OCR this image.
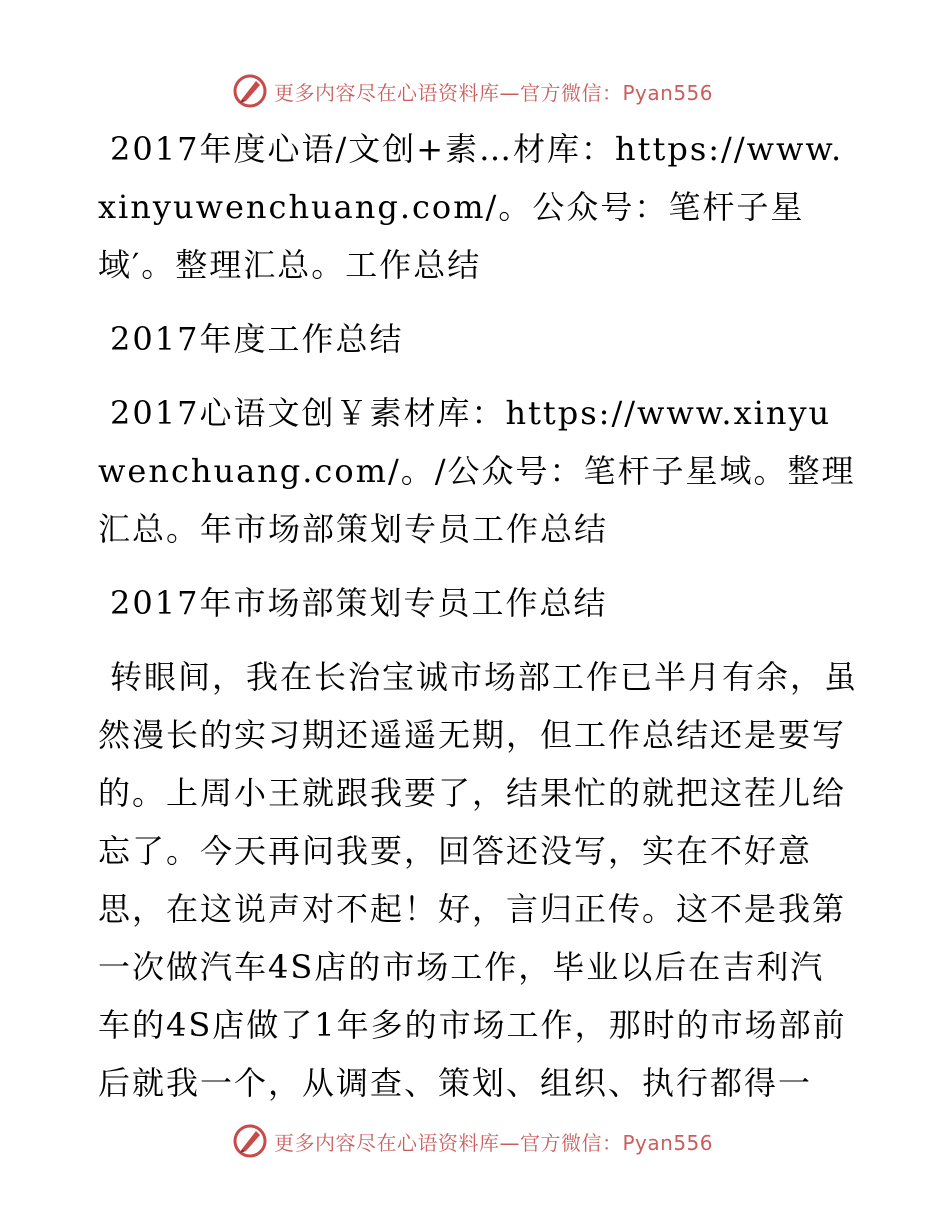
更多内容尽在心语资料库—官方微信：Pyan556

2017年度心语/文创+素…材库：https://www.xinyuwenchuang.com/。公众号：笔杆子星域′。整理汇总。工作总结

2017年度工作总结

2017心语文创￥素材库：https://www.xinyuwenchuang.com/。/公众号：笔杆子星域。整理汇总。年市场部策划专员工作总结

2017年市场部策划专员工作总结

转眼间，我在长治宝诚市场部工作已半月有余，虽然漫长的实习期还遥遥无期，但工作总结还是要写的。上周小王就跟我要了，结果忙的就把这茬儿给忘了。今天再问我要，回答还没写，实在不好意思，在这说声对不起！好，言归正传。这不是我第一次做汽车4S店的市场工作，毕业以后在吉利汽车的4S店做了1年多的市场工作，那时的市场部前后就我一个，从调查、策划、组织、执行都得一

更多内容尽在心语资料库—官方微信：Pyan556
